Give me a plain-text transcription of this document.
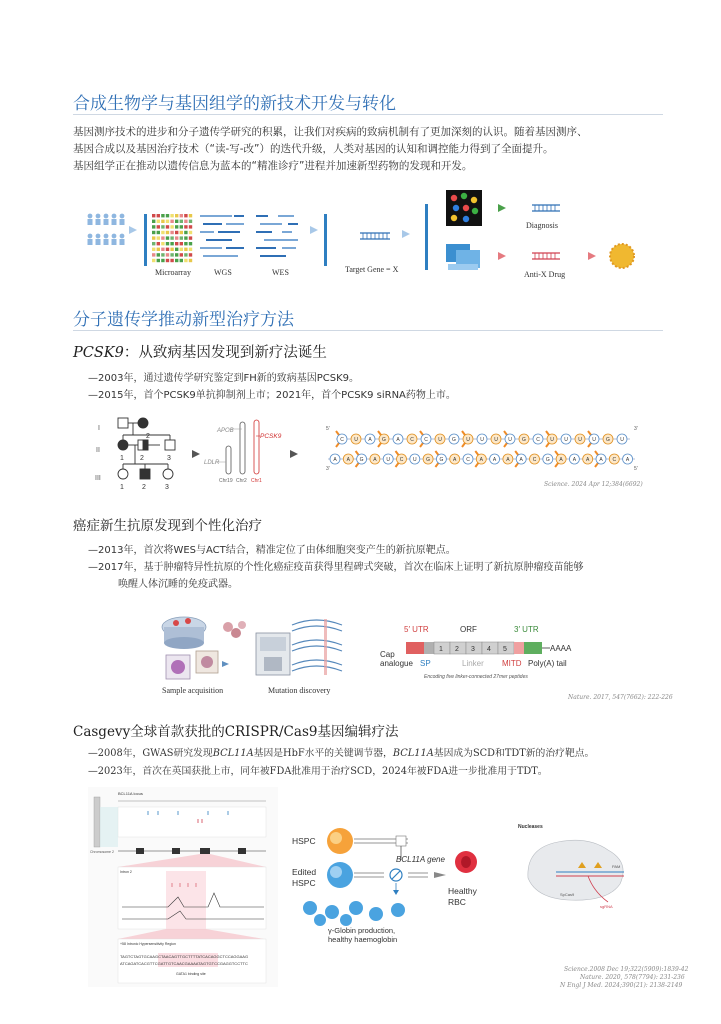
合成生物学与基因组学的新技术开发与转化
基因测序技术的进步和分子遗传学研究的积累，让我们对疾病的致病机制有了更加深刻的认识。随着基因测序、
基因合成以及基因治疗技术（“读-写-改”）的迭代升级，人类对基因的认知和调控能力得到了全面提升。
基因组学正在推动以遗传信息为蓝本的“精准诊疗”进程并加速新型药物的发现和开发。
Microarray	WGS	WES	Target Gene = X
Diagnosis
Anti-X Drug
分子遗传学推动新型治疗方法
PCSK9：从致病基因发现到新疗法诞生
—2003年，通过遗传学研究鉴定到FH新的致病基因PCSK9。
—2015年，首个PCSK9单抗抑制剂上市；2021年，首个PCSK9 siRNA药物上市。
I
II
III
2
1 2	3
1	2	3
APOB
LDLR
PCSK9
Chr19 Chr2 Chr1
5′	3′
3′	5′
C U A G A C C U G U U U U G C U U U U G U
A A G A U C U G G A C A A A A C G A A A A C A
Science. 2024 Apr 12;384(6692)
癌症新生抗原发现到个性化治疗
—2013年，首次将WES与ACT结合，精准定位了由体细胞突变产生的新抗原靶点。
—2017年，基于肿瘤特异性抗原的个性化癌症疫苗获得里程碑式突破，首次在临床上证明了新抗原肿瘤疫苗能够
唤醒人体沉睡的免疫武器。
Sample acquisition	Mutation discovery
5′ UTR	ORF	3′ UTR
AAAA
Cap
analogue
1 2 3 4 5
SP	Linker MITD Poly(A) tail
Encoding five linker-connected 27mer peptides
Nature. 2017, 547(7662): 222-226
Casgevy全球首款获批的CRISPR/Cas9基因编辑疗法
—2008年，GWAS研究发现BCL11A基因是HbF水平的关键调节器，BCL11A基因成为SCD和TDT新的治疗靶点。
—2023年，首次在英国获批上市，同年被FDA批准用于治疗SCD，2024年被FDA进一步批准用于TDT。
BCL11A locus
Chromosome 2
Intron 2
+58 Intronic Hypersensitivity Region
TAGTCTAGTGCAAGCTAACAGTTGCTTTTATCACAGGCTCCAGGAAG
ATCAGATCACGTTCGATTGTCAACGAAAATAGTGTCCGAGGTCCTTC
GATA1 binding site
HSPC
BCL11A gene
Edited
HSPC
γ-Globin production,
healthy haemoglobin
Healthy
RBC
Nucleases
SpCas9
sgRNA
PAM
Science.2008 Dec 19;322(5909):1839-42
Nature. 2020, 578(7794): 231-236
N Engl J Med. 2024;390(21): 2138-2149
